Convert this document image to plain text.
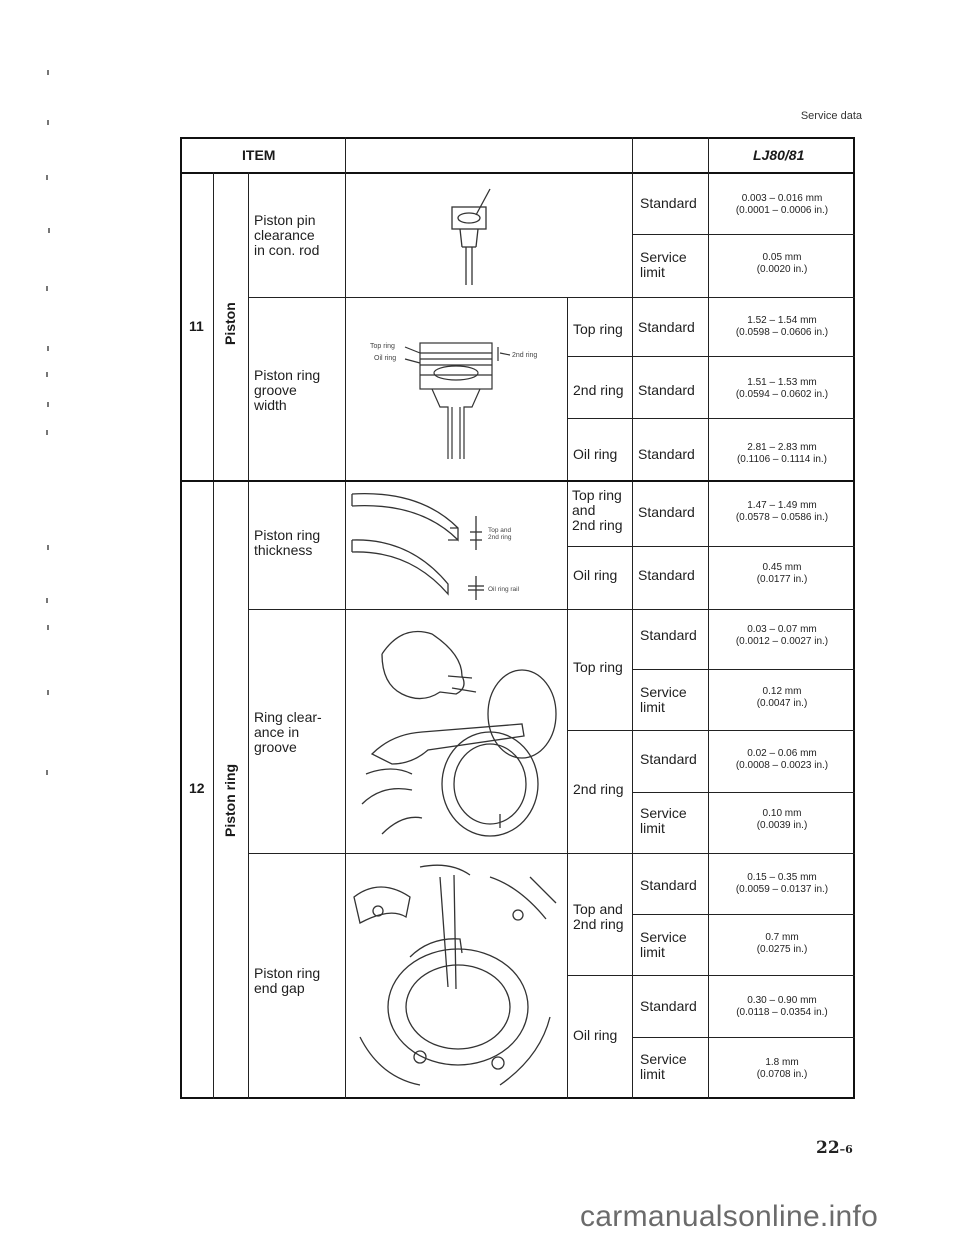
Service data
ITEM	LJ80/81
11 Piston
12 Piston ring
Piston pin
clearance
in con. rod
Piston ring
groove
width
Piston ring
thickness
Ring clear-
ance in
groove
Piston ring
end gap
Top ring
2nd ring
Oil ring
Top ring
and
2nd ring
Oil ring
Top ring
2nd ring
Top and
2nd ring
Oil ring
Standard
Service
limit
Standard
Standard
Standard
Standard
Standard
Standard
Service
limit
Standard
Service
limit
Standard
Service
limit
Standard
Service
limit
0.003 – 0.016 mm
(0.0001 – 0.0006 in.)
0.05 mm
(0.0020 in.)
1.52 – 1.54 mm
(0.0598 – 0.0606 in.)
1.51 – 1.53 mm
(0.0594 – 0.0602 in.)
2.81 – 2.83 mm
(0.1106 – 0.1114 in.)
1.47 – 1.49 mm
(0.0578 – 0.0586 in.)
0.45 mm
(0.0177 in.)
0.03 – 0.07 mm
(0.0012 – 0.0027 in.)
0.12 mm
(0.0047 in.)
0.02 – 0.06 mm
(0.0008 – 0.0023 in.)
0.10 mm
(0.0039 in.)
0.15 – 0.35 mm
(0.0059 – 0.0137 in.)
0.7 mm
(0.0275 in.)
0.30 – 0.90 mm
(0.0118 – 0.0354 in.)
1.8 mm
(0.0708 in.)
Top ring
Oil ring	2nd ring
Top and 2nd ring
Oil ring rail
22–6
carmanualsonline.info
